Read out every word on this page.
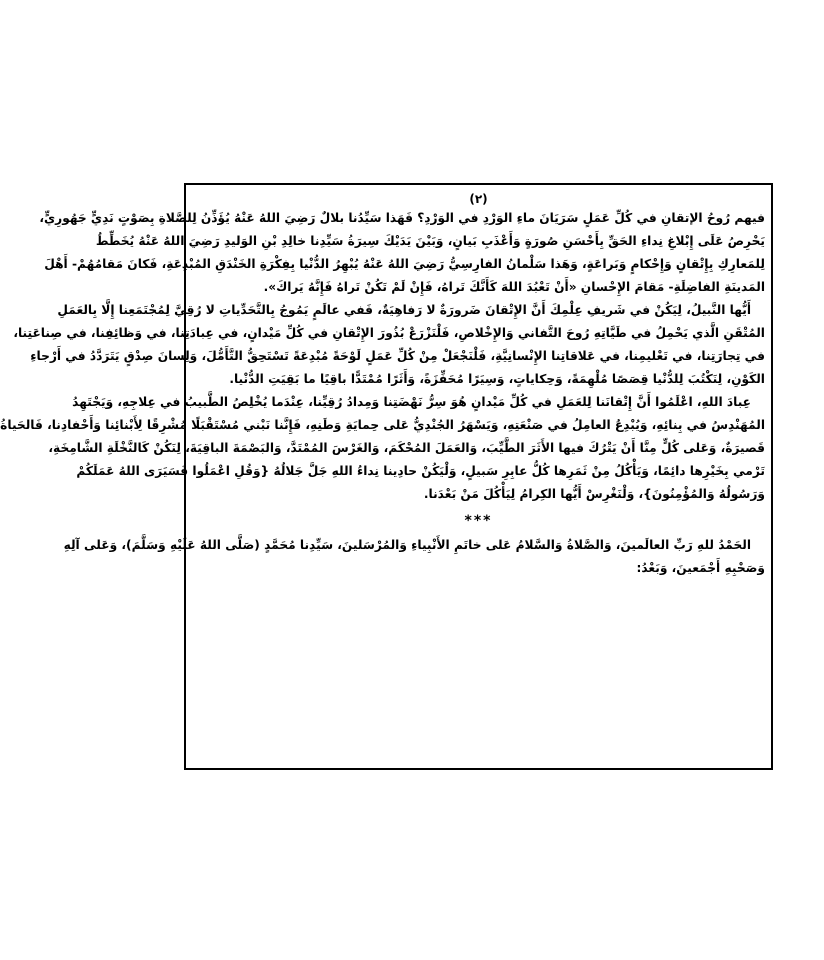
(٢)
فيهم رُوحُ الإتقانِ في كُلِّ عَمَلٍ سَرَيَانَ ماءِ الوَرْدِ في الوَرْدِ؟ فَهَذا سَيِّدُنا بلالٌ رَضِيَ اللهُ عَنْهُ يُؤَذِّنُ لِلصَّلاةِ بِصَوْتٍ نَدِيٍّ جَهُورِيٍّ،
يَحْرِصُ عَلَى إِبْلاغِ نِداءِ الحَقِّ بِأَحْسَنِ صُورَةٍ وَأَعْذَبِ بَيانٍ، وَبَيْنَ يَدَيْكَ سِيرَةُ سَيِّدِنا خالِدِ بْنِ الوَليدِ رَضِيَ اللهُ عَنْهُ يُخَطِّطُ
لِلمَعارِكِ بِإِتْقانٍ وَإِحْكامٍ وَبَراعَةٍ، وَهَذا سَلْمانُ الفارِسِيُّ رَضِيَ اللهُ عَنْهُ يُبْهِرُ الدُّنْيا بِفِكْرَةِ الخَنْدَقِ المُبْدِعَةِ، فَكانَ مَقامُهُمْ- أَهْلَ
المَدينَةِ الفاضِلَةِ- مَقامَ الإِحْسانِ «أَنْ تَعْبُدَ اللهَ كَأَنَّكَ تَراهُ، فَإِنْ لَمْ تَكُنْ تَراهُ فَإِنَّهُ يَراكَ».
أَيُّها النَّبيلُ، لِيَكُنْ في شَريفِ عِلْمِكَ أَنَّ الإِتْقانَ ضَرورَةٌ لا رَفاهِيَةٌ، فَفي عالَمٍ يَمُوجُ بِالتَّحَدِّياتِ لا رُقِيَّ لِمُجْتَمَعِنا إِلَّا بِالعَمَلِ
المُتْقَنِ الَّذي يَحْمِلُ في طَيَّاتِهِ رُوحَ التَّفاني وَالإِخْلاصِ، فَلْنَزْرَعْ بُذُورَ الإِتْقانِ في كُلِّ مَيْدانٍ، في عِبادَتِنا، في وَظائِفِنا، في صِناعَتِنا،
في تِجارَتِنا، في تَعْليمِنا، في عَلاقاتِنا الإِنْسانِيَّةِ، فَلْنَجْعَلْ مِنْ كُلِّ عَمَلٍ لَوْحَةً مُبْدِعَةً تَسْتَحِقُّ التَّأَمُّلَ، وَلِسانَ صِدْقٍ يَتَرَدَّدُ في أَرْجاءِ
الكَوْنِ، لِنَكْتُبَ لِلدُّنْيا قِصَصًا مُلْهِمَةً، وَحِكاياتٍ، وَسِيَرًا مُحَفِّزَةً، وَأَثَرًا مُمْتَدًّا باقِيًا ما بَقِيَتِ الدُّنْيا.
عِبادَ اللهِ، اعْلَمُوا أَنَّ إِتْقانَنا لِلعَمَلِ في كُلِّ مَيْدانٍ هُوَ سِرُّ نَهْضَتِنا وَمِدادُ رُقِيِّنا، عِنْدَما يُخْلِصُ الطَّبيبُ في عِلاجِهِ، وَيَجْتَهِدُ
المُهَنْدِسُ في بِنائِهِ، وَيُبْدِعُ العامِلُ في صَنْعَتِهِ، وَيَسْهَرُ الجُنْدِيُّ عَلى حِمايَةِ وَطَنِهِ، فَإِنَّنا نَبْني مُسْتَقْبَلًا مُشْرِقًا لِأَبْنائِنا وَأَحْفادِنا، فَالحَياةُ
قَصيرَةٌ، وَعَلى كُلٍّ مِنَّا أَنْ يَتْرُكَ فيها الأَثَرَ الطَّيِّبَ، وَالعَمَلَ المُحْكَمَ، وَالغَرْسَ المُمْتَدَّ، وَالبَصْمَةَ الباقِيَةَ، لِنَكُنْ كَالنَّخْلَةِ الشَّامِخَةِ،
تَرْمي بِخَيْرِها دائِمًا، وَيَأْكُلُ مِنْ ثَمَرِها كُلُّ عابِرِ سَبيلٍ، وَلْيَكُنْ حادِينا نِداءُ اللهِ جَلَّ جَلالُهُ {وَقُلِ اعْمَلُوا فَسَيَرَى اللهُ عَمَلَكُمْ
وَرَسُولُهُ وَالمُؤْمِنُونَ}، وَلْنَغْرِسْ أَيُّها الكِرامُ لِيَأْكُلَ مَنْ بَعْدَنا.
***
الحَمْدُ للهِ رَبِّ العالَمينَ، وَالصَّلاةُ وَالسَّلامُ عَلى خاتَمِ الأَنْبِياءِ وَالمُرْسَلينَ، سَيِّدِنا مُحَمَّدٍ (صَلَّى اللهُ عَلَيْهِ وَسَلَّمَ)، وَعَلى آلِهِ
وَصَحْبِهِ أَجْمَعينَ، وَبَعْدُ:
